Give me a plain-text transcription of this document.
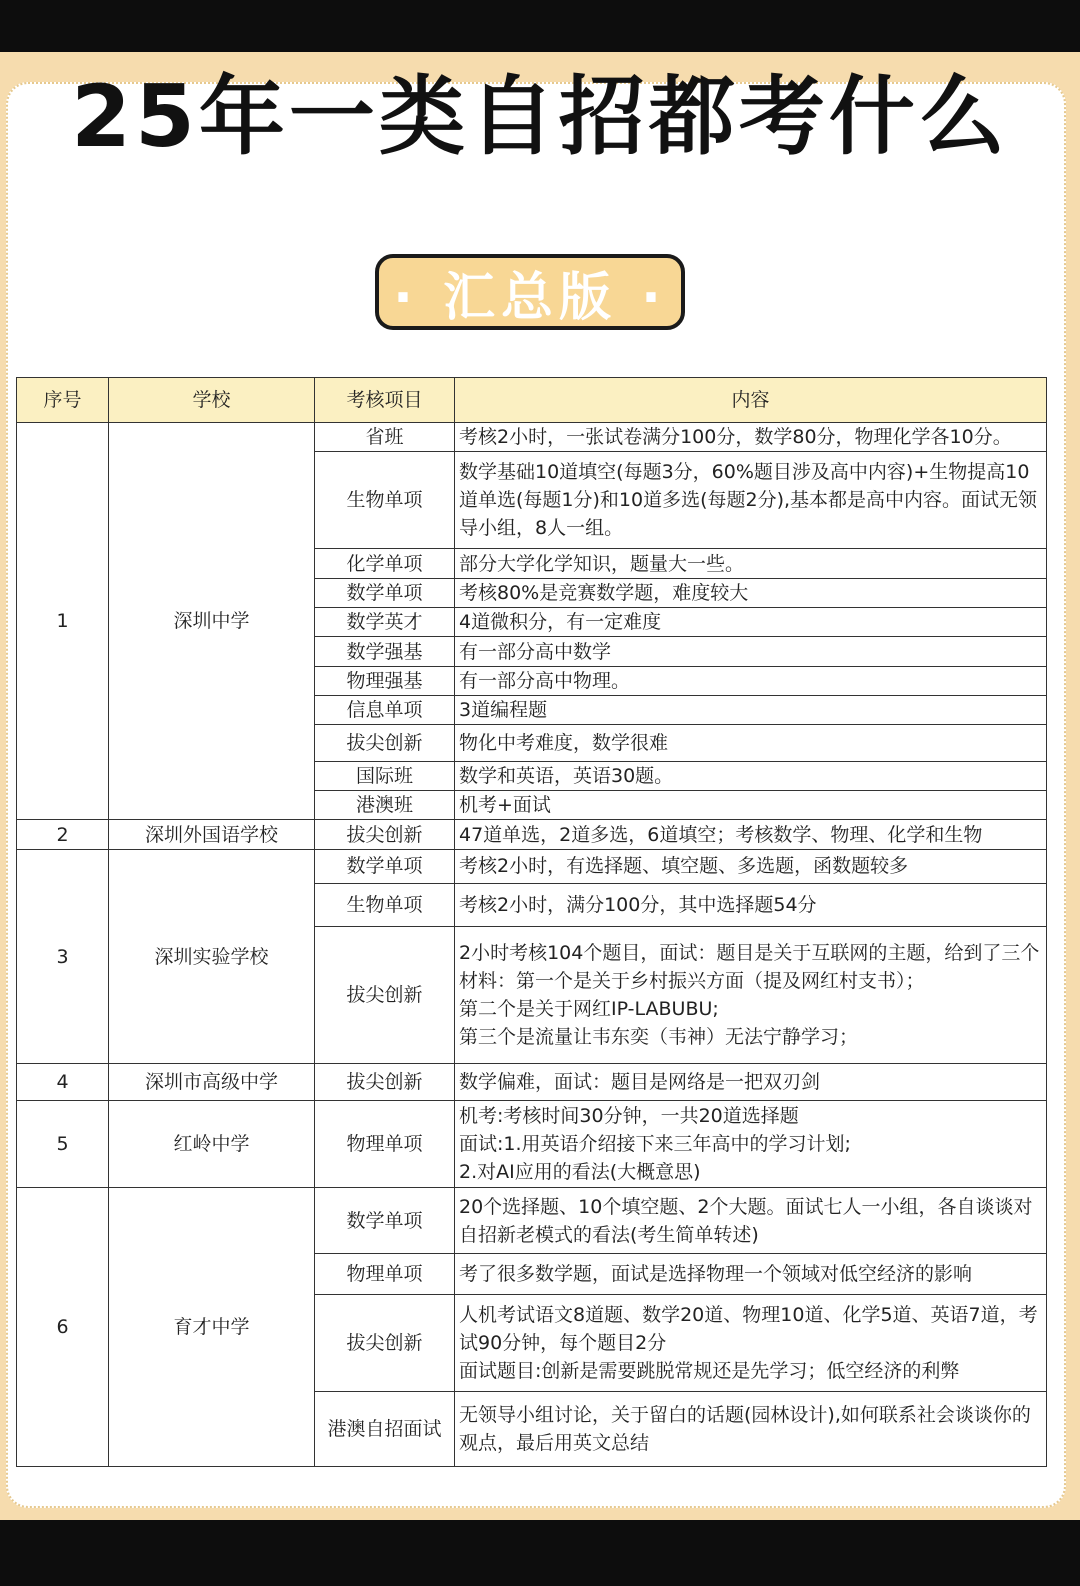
25年一类自招都考什么
· 汇总版 ·
序号	学校	考核项目	内容
1	深圳中学	省班	考核2小时，一张试卷满分100分，数学80分，物理化学各10分。

		生物单项	数学基础10道填空(每题3分，60%题目涉及高中内容)+生物提高10道单选(每题1分)和10道多选(每题2分),基本都是高中内容。面试无领导小组，8人一组。

		化学单项	部分大学化学知识，题量大一些。

		数学单项	考核80%是竞赛数学题，难度较大

		数学英才	4道微积分，有一定难度

		数学强基	有一部分高中数学

		物理强基	有一部分高中物理。

		信息单项	3道编程题

		拔尖创新	物化中考难度，数学很难

		国际班	数学和英语，英语30题。

		港澳班	机考+面试

2	深圳外国语学校	拔尖创新	47道单选，2道多选，6道填空；考核数学、物理、化学和生物

3	深圳实验学校	数学单项	考核2小时，有选择题、填空题、多选题，函数题较多

		生物单项	考核2小时，满分100分，其中选择题54分

		拔尖创新	2小时考核104个题目，面试：题目是关于互联网的主题，给到了三个材料：第一个是关于乡村振兴方面（提及网红村支书）；
第二个是关于网红IP-LABUBU;
第三个是流量让韦东奕（韦神）无法宁静学习；

4	深圳市高级中学	拔尖创新	数学偏难，面试：题目是网络是一把双刃剑

5	红岭中学	物理单项	机考:考核时间30分钟，一共20道选择题
面试:1.用英语介绍接下来三年高中的学习计划;
2.对AI应用的看法(大概意思)

6	育才中学	数学单项	20个选择题、10个填空题、2个大题。面试七人一小组，各自谈谈对自招新老模式的看法(考生简单转述)

		物理单项	考了很多数学题，面试是选择物理一个领域对低空经济的影响

		拔尖创新	人机考试语文8道题、数学20道、物理10道、化学5道、英语7道，考试90分钟，每个题目2分
面试题目:创新是需要跳脱常规还是先学习；低空经济的利弊

		港澳自招面试	无领导小组讨论，关于留白的话题(园林设计),如何联系社会谈谈你的观点，最后用英文总结
